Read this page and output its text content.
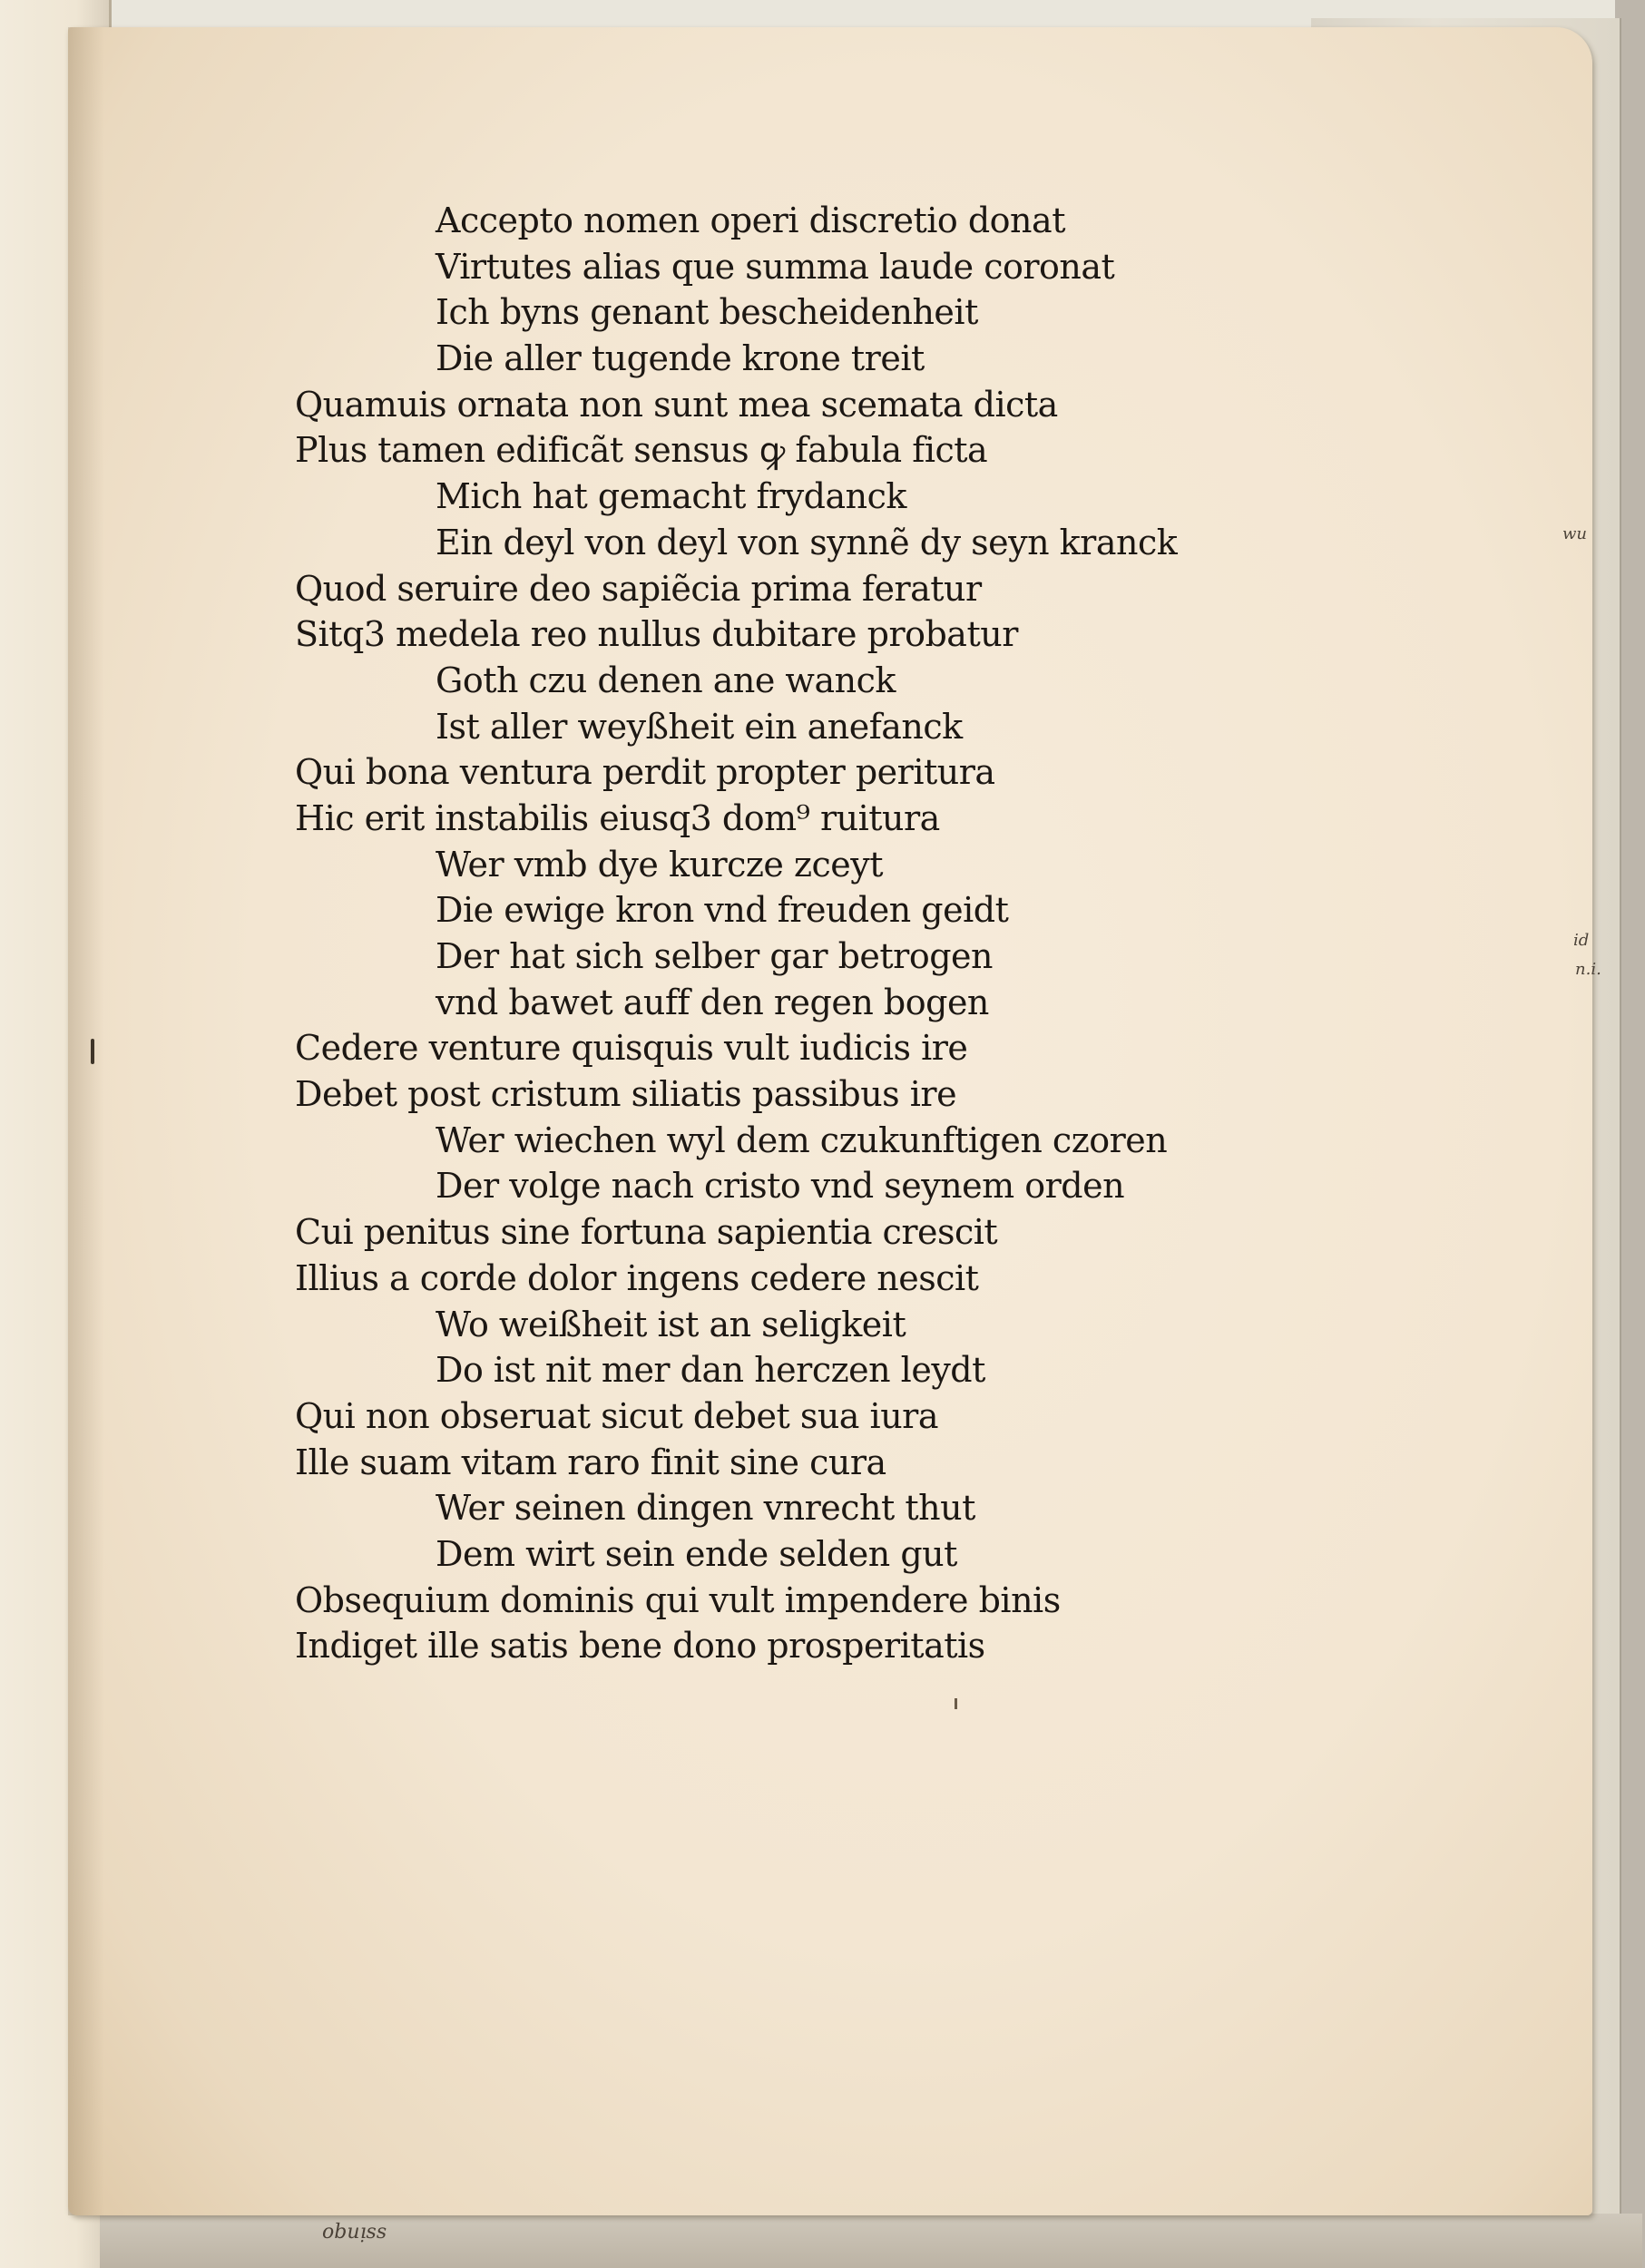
Accepto nomen operi discretio donat
Virtutes alias que summa laude coronat
Ich byns genant bescheidenheit
Die aller tugende krone treit
Quamuis ornata non sunt mea scemata dicta
Plus tamen edificãt sensus ꝙ fabula ficta
Mich hat gemacht frydanck
Ein deyl von deyl von synnẽ dy seyn kranck
Quod seruire deo sapiẽcia prima feratur
Sitq3 medela reo nullus dubitare probatur
Goth czu denen ane wanck
Ist aller weyßheit ein anefanck
Qui bona ventura perdit propter peritura
Hic erit instabilis eiusq3 dom⁹ ruitura
Wer vmb dye kurcze zceyt
Die ewige kron vnd freuden geidt
Der hat sich selber gar betrogen
vnd bawet auff den regen bogen
Cedere venture quisquis vult iudicis ire
Debet post cristum siliatis passibus ire
Wer wiechen wyl dem czukunftigen czoren
Der volge nach cristo vnd seynem orden
Cui penitus sine fortuna sapientia crescit
Illius a corde dolor ingens cedere nescit
Wo weißheit ist an seligkeit
Do ist nit mer dan herczen leydt
Qui non obseruat sicut debet sua iura
Ille suam vitam raro finit sine cura
Wer seinen dingen vnrecht thut
Dem wirt sein ende selden gut
Obsequium dominis qui vult impendere binis
Indiget ille satis bene dono prosperitatis
wu
id
n.i.
obuᴉss
